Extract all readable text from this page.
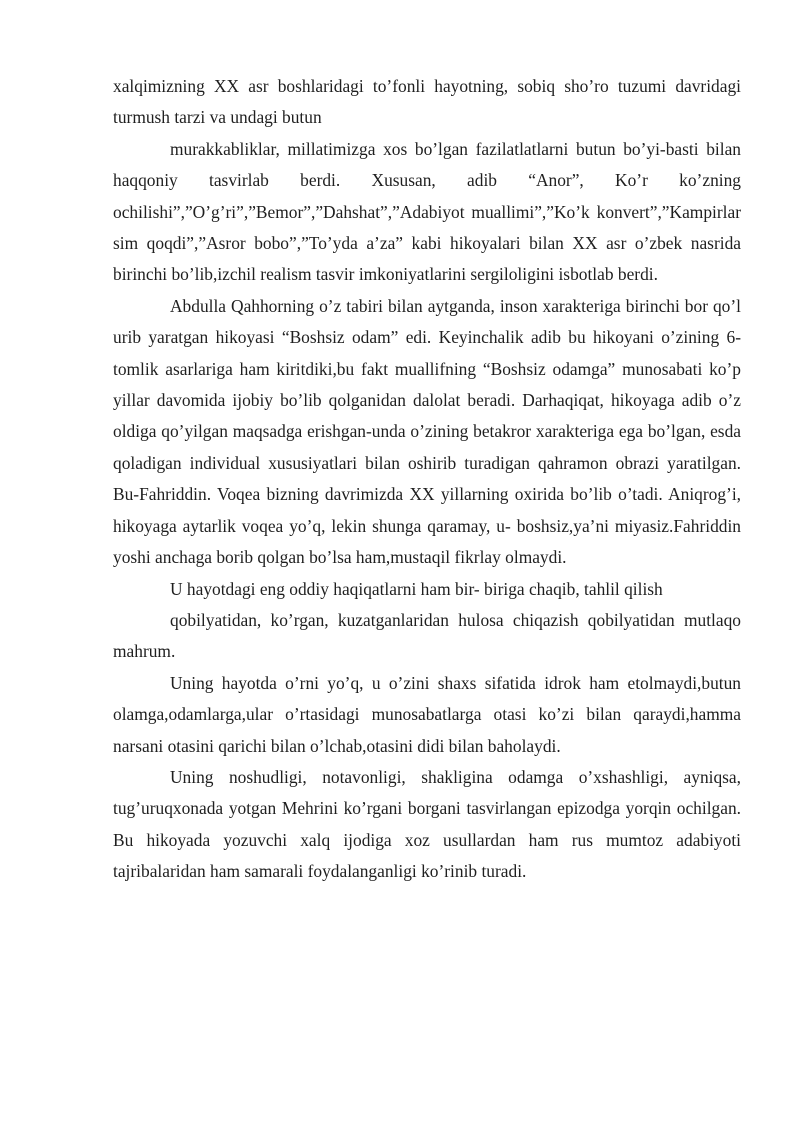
xalqimizning XX asr boshlaridagi to’fonli hayotning, sobiq sho’ro tuzumi davridagi turmush tarzi va undagi butun

murakkabliklar, millatimizga xos bo’lgan fazilatlatlarni butun bo’yi-basti bilan haqqoniy tasvirlab berdi. Xususan, adib “Anor”, Ko’r ko’zning ochilishi”,”O’g’ri”,”Bemor”,”Dahshat”,”Adabiyot muallimi”,”Ko’k konvert”,”Kampirlar sim qoqdi”,”Asror bobo”,”To’yda a’za” kabi hikoyalari bilan XX asr o’zbek nasrida birinchi bo’lib,izchil realism tasvir imkoniyatlarini sergiloligini isbotlab berdi.

Abdulla Qahhorning o’z tabiri bilan aytganda, inson xarakteriga birinchi bor qo’l urib yaratgan hikoyasi “Boshsiz odam” edi. Keyinchalik adib bu hikoyani o’zining 6-tomlik asarlariga ham kiritdiki,bu fakt muallifning “Boshsiz odamga” munosabati ko’p yillar davomida ijobiy bo’lib qolganidan dalolat beradi. Darhaqiqat, hikoyaga adib o’z oldiga qo’yilgan maqsadga erishgan-unda o’zining betakror xarakteriga ega bo’lgan, esda qoladigan individual xususiyatlari bilan oshirib turadigan qahramon obrazi yaratilgan. Bu-Fahriddin. Voqea bizning davrimizda XX yillarning oxirida bo’lib o’tadi. Aniqrog’i, hikoyaga aytarlik voqea yo’q, lekin shunga qaramay, u- boshsiz,ya’ni miyasiz.Fahriddin yoshi anchaga borib qolgan bo’lsa ham,mustaqil fikrlay olmaydi.

U hayotdagi eng oddiy haqiqatlarni ham bir- biriga chaqib, tahlil qilish

qobilyatidan, ko’rgan, kuzatganlaridan hulosa chiqazish qobilyatidan mutlaqo mahrum.

Uning hayotda o’rni yo’q, u o’zini shaxs sifatida idrok ham etolmaydi,butun olamga,odamlarga,ular o’rtasidagi munosabatlarga otasi ko’zi bilan qaraydi,hamma narsani otasini qarichi bilan o’lchab,otasini didi bilan baholaydi.

Uning noshudligi, notavonligi, shakligina odamga o’xshashligi, ayniqsa, tug’uruqxonada yotgan Mehrini ko’rgani borgani tasvirlangan epizodga yorqin ochilgan. Bu hikoyada yozuvchi xalq ijodiga xoz usullardan ham rus mumtoz adabiyoti tajribalaridan ham samarali foydalanganligi ko’rinib turadi.
